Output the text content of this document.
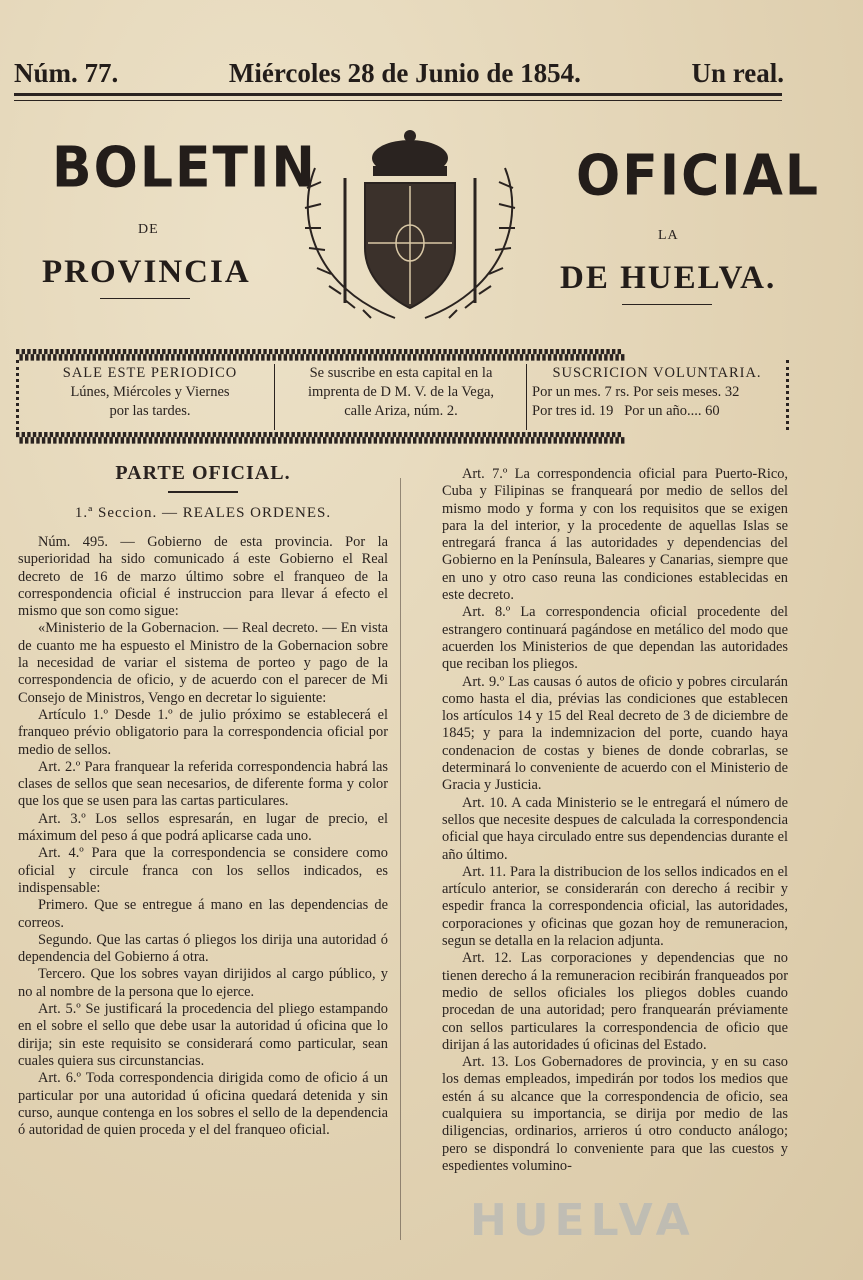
Núm. 77.	Miércoles 28 de Junio de 1854.	Un real.
BOLETIN	OFICIAL
DE	LA
PROVINCIA	DE HUELVA.
▚▚▚▚▚▚▚▚▚▚▚▚▚▚▚▚▚▚▚▚▚▚▚▚▚▚▚▚▚▚▚▚▚▚▚▚▚▚▚▚▚▚▚▚▚▚▚▚▚▚▚▚▚▚▚▚▚▚▚▚▚▚▚▚▚▚▚▚▚▚▚▚▚▚▚▚▚▚▚▚▚▚▚▚▚▚▚▚▚▚▚▚▚▚▚▚▚▚▚▚▚▚▚▚▚▚▚▚
▚▚▚▚▚▚▚▚▚▚▚▚▚▚▚▚▚▚▚▚▚▚▚▚▚▚▚▚▚▚▚▚▚▚▚▚▚▚▚▚▚▚▚▚▚▚▚▚▚▚▚▚▚▚▚▚▚▚▚▚▚▚▚▚▚▚▚▚▚▚▚▚▚▚▚▚▚▚▚▚▚▚▚▚▚▚▚▚▚▚▚▚▚▚▚▚▚▚▚▚▚▚▚▚▚▚▚▚
SALE ESTE PERIODICO
Lúnes, Miércoles y Viernes
por las tardes.
Se suscribe en esta capital en la
imprenta de D M. V. de la Vega,
calle Ariza, núm. 2.
SUSCRICION VOLUNTARIA.
Por un mes. 7 rs. Por seis meses. 32
Por tres id. 19   Por un año.... 60
PARTE OFICIAL.
1.ª Seccion. — REALES ORDENES.

Núm. 495. — Gobierno de esta provincia. Por la superioridad ha sido comunicado á este Gobierno el Real decreto de 16 de marzo último sobre el franqueo de la correspondencia oficial é instruccion para llevar á efecto el mismo que son como sigue:

«Ministerio de la Gobernacion. — Real decreto. — En vista de cuanto me ha espuesto el Ministro de la Gobernacion sobre la necesidad de variar el sistema de porteo y pago de la correspondencia de oficio, y de acuerdo con el parecer de Mi Consejo de Ministros, Vengo en decretar lo siguiente:

Artículo 1.º Desde 1.º de julio próximo se establecerá el franqueo prévio obligatorio para la correspondencia oficial por medio de sellos.

Art. 2.º Para franquear la referida correspondencia habrá las clases de sellos que sean necesarios, de diferente forma y color que los que se usen para las cartas particulares.

Art. 3.º Los sellos espresarán, en lugar de precio, el máximum del peso á que podrá aplicarse cada uno.

Art. 4.º Para que la correspondencia se considere como oficial y circule franca con los sellos indicados, es indispensable:

Primero. Que se entregue á mano en las dependencias de correos.

Segundo. Que las cartas ó pliegos los dirija una autoridad ó dependencia del Gobierno á otra.

Tercero. Que los sobres vayan dirijidos al cargo público, y no al nombre de la persona que lo ejerce.

Art. 5.º Se justificará la procedencia del pliego estampando en el sobre el sello que debe usar la autoridad ú oficina que lo dirija; sin este requisito se considerará como particular, sean cuales quiera sus circunstancias.

Art. 6.º Toda correspondencia dirigida como de oficio á un particular por una autoridad ú oficina quedará detenida y sin curso, aunque contenga en los sobres el sello de la dependencia ó autoridad de quien proceda y el del franqueo oficial.

Art. 7.º La correspondencia oficial para Puerto-Rico, Cuba y Filipinas se franqueará por medio de sellos del mismo modo y forma y con los requisitos que se exigen para la del interior, y la procedente de aquellas Islas se entregará franca á las autoridades y dependencias del Gobierno en la Península, Baleares y Canarias, siempre que en uno y otro caso reuna las condiciones establecidas en este decreto.

Art. 8.º La correspondencia oficial procedente del estrangero continuará pagándose en metálico del modo que acuerden los Ministerios de que dependan las autoridades que reciban los pliegos.

Art. 9.º Las causas ó autos de oficio y pobres circularán como hasta el dia, prévias las condiciones que establecen los artículos 14 y 15 del Real decreto de 3 de diciembre de 1845; y para la indemnizacion del porte, cuando haya condenacion de costas y bienes de donde cobrarlas, se determinará lo conveniente de acuerdo con el Ministerio de Gracia y Justicia.

Art. 10. A cada Ministerio se le entregará el número de sellos que necesite despues de calculada la correspondencia oficial que haya circulado entre sus dependencias durante el año último.

Art. 11. Para la distribucion de los sellos indicados en el artículo anterior, se considerarán con derecho á recibir y espedir franca la correspondencia oficial, las autoridades, corporaciones y oficinas que gozan hoy de remuneracion, segun se detalla en la relacion adjunta.

Art. 12. Las corporaciones y dependencias que no tienen derecho á la remuneracion recibirán franqueados por medio de sellos oficiales los pliegos dobles cuando procedan de una autoridad; pero franquearán préviamente con sellos particulares la correspondencia de oficio que dirijan á las autoridades ú oficinas del Estado.

Art. 13. Los Gobernadores de provincia, y en su caso los demas empleados, impedirán por todos los medios que estén á su alcance que la correspondencia de oficio, sea cualquiera su importancia, se dirija por medio de las diligencias, ordinarios, arrieros ú otro conducto análogo; pero se dispondrá lo conveniente para que las cuestos y espedientes volumino-

HUELVA
